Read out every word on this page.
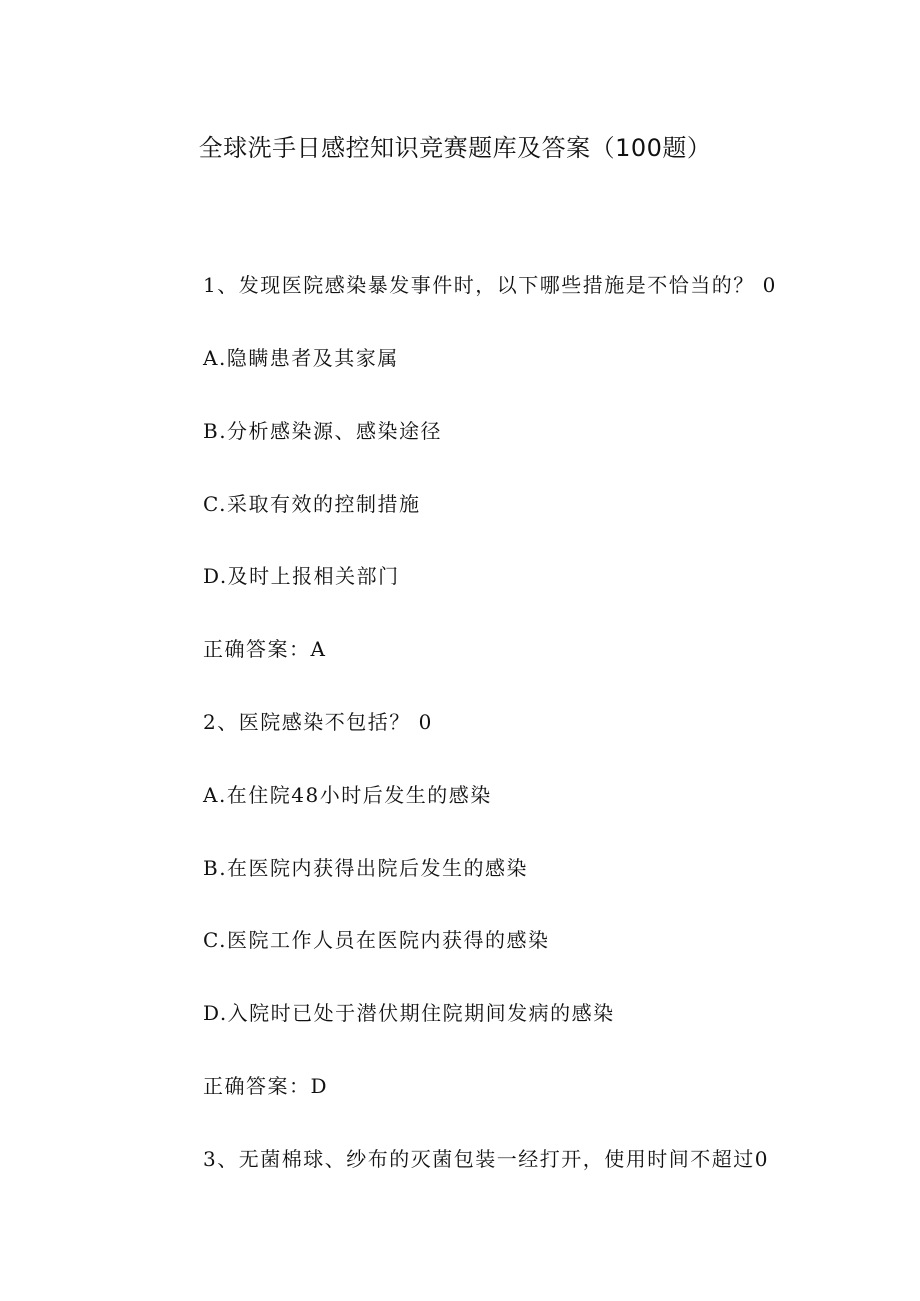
全球洗手日感控知识竞赛题库及答案（100题）
1、发现医院感染暴发事件时，以下哪些措施是不恰当的？ 0
A.隐瞒患者及其家属
B.分析感染源、感染途径
C.采取有效的控制措施
D.及时上报相关部门
正确答案：A
2、医院感染不包括？ 0
A.在住院48小时后发生的感染
B.在医院内获得出院后发生的感染
C.医院工作人员在医院内获得的感染
D.入院时已处于潜伏期住院期间发病的感染
正确答案：D
3、无菌棉球、纱布的灭菌包装一经打开，使用时间不超过0
